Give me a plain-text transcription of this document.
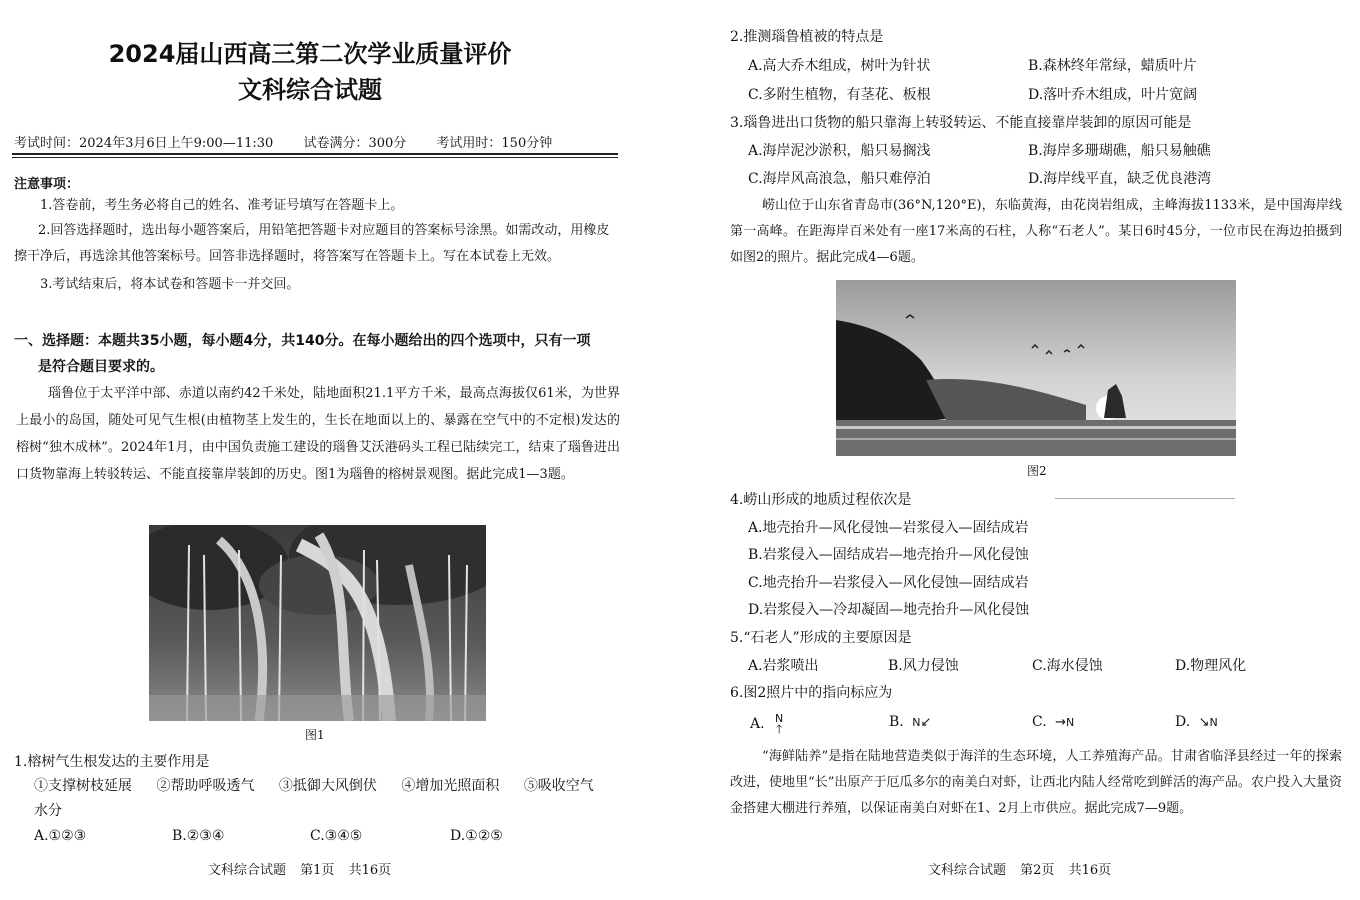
2024届山西高三第二次学业质量评价
文科综合试题
考试时间：2024年3月6日上午9:00—11:30 试卷满分：300分 考试用时：150分钟
注意事项：
1.答卷前，考生务必将自己的姓名、准考证号填写在答题卡上。
2.回答选择题时，选出每小题答案后，用铅笔把答题卡对应题目的答案标号涂黑。如需改动，用橡皮擦干净后，再选涂其他答案标号。回答非选择题时，将答案写在答题卡上。写在本试卷上无效。
3.考试结束后，将本试卷和答题卡一并交回。
一、选择题：本题共35小题，每小题4分，共140分。在每小题给出的四个选项中，只有一项
是符合题目要求的。
瑙鲁位于太平洋中部、赤道以南约42千米处，陆地面积21.1平方千米，最高点海拔仅61米，为世界上最小的岛国，随处可见气生根(由植物茎上发生的，生长在地面以上的、暴露在空气中的不定根)发达的榕树“独木成林”。2024年1月，由中国负责施工建设的瑙鲁艾沃港码头工程已陆续完工，结束了瑙鲁进出口货物靠海上转驳转运、不能直接靠岸装卸的历史。图1为瑙鲁的榕树景观图。据此完成1—3题。
图1
1.榕树气生根发达的主要作用是
①支撑树枝延展 ②帮助呼吸透气 ③抵御大风倒伏 ④增加光照面积 ⑤吸收空气
水分
A.①②③	B.②③④	C.③④⑤	D.①②⑤
文科综合试题 第1页 共16页
2.推测瑙鲁植被的特点是
A.高大乔木组成，树叶为针状	B.森林终年常绿，蜡质叶片
C.多附生植物，有茎花、板根	D.落叶乔木组成，叶片宽阔
3.瑙鲁进出口货物的船只靠海上转驳转运、不能直接靠岸装卸的原因可能是
A.海岸泥沙淤积，船只易搁浅	B.海岸多珊瑚礁，船只易触礁
C.海岸风高浪急，船只难停泊	D.海岸线平直，缺乏优良港湾
崂山位于山东省青岛市(36°N,120°E)，东临黄海，由花岗岩组成，主峰海拔1133米，是中国海岸线第一高峰。在距海岸百米处有一座17米高的石柱，人称“石老人”。某日6时45分，一位市民在海边拍摄到如图2的照片。据此完成4—6题。
图2
4.崂山形成的地质过程依次是
A.地壳抬升—风化侵蚀—岩浆侵入—固结成岩
B.岩浆侵入—固结成岩—地壳抬升—风化侵蚀
C.地壳抬升—岩浆侵入—风化侵蚀—固结成岩
D.岩浆侵入—冷却凝固—地壳抬升—风化侵蚀
5.“石老人”形成的主要原因是
A.岩浆喷出	B.风力侵蚀	C.海水侵蚀	D.物理风化
6.图2照片中的指向标应为
A. N
🡑	B. N ↙	C. → N	D. ↘ N
“海鲜陆养”是指在陆地营造类似于海洋的生态环境，人工养殖海产品。甘肃省临泽县经过一年的探索改进，使地里“长”出原产于厄瓜多尔的南美白对虾，让西北内陆人经常吃到鲜活的海产品。农户投入大量资金搭建大棚进行养殖，以保证南美白对虾在1、2月上市供应。据此完成7—9题。
文科综合试题 第2页 共16页
